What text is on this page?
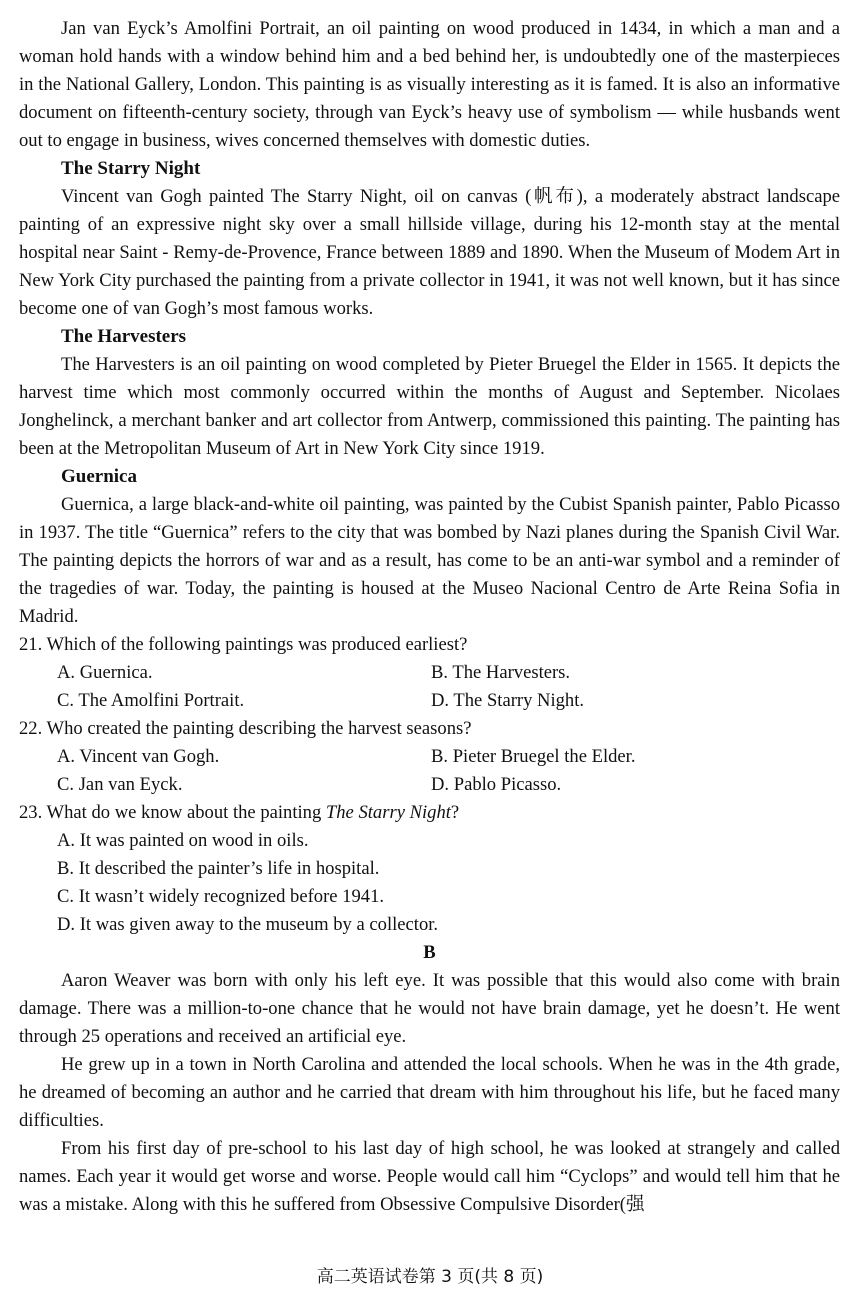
Jan van Eyck’s Amolfini Portrait, an oil painting on wood produced in 1434, in which a man and a woman hold hands with a window behind him and a bed behind her, is undoubtedly one of the masterpieces in the National Gallery, London. This painting is as visually interesting as it is famed. It is also an informative document on fifteenth-century society, through van Eyck’s heavy use of symbolism — while husbands went out to engage in business, wives concerned themselves with domestic duties.

The Starry Night

Vincent van Gogh painted The Starry Night, oil on canvas (帆布), a moderately abstract landscape painting of an expressive night sky over a small hillside village, during his 12-month stay at the mental hospital near Saint - Remy-de-Provence, France between 1889 and 1890. When the Museum of Modem Art in New York City purchased the painting from a private collector in 1941, it was not well known, but it has since become one of van Gogh’s most famous works.

The Harvesters

The Harvesters is an oil painting on wood completed by Pieter Bruegel the Elder in 1565. It depicts the harvest time which most commonly occurred within the months of August and September. Nicolaes Jonghelinck, a merchant banker and art collector from Antwerp, commissioned this painting. The painting has been at the Metropolitan Museum of Art in New York City since 1919.

Guernica

Guernica, a large black-and-white oil painting, was painted by the Cubist Spanish painter, Pablo Picasso in 1937. The title “Guernica” refers to the city that was bombed by Nazi planes during the Spanish Civil War. The painting depicts the horrors of war and as a result, has come to be an anti-war symbol and a reminder of the tragedies of war. Today, the painting is housed at the Museo Nacional Centro de Arte Reina Sofia in Madrid.

21. Which of the following paintings was produced earliest?

A. Guernica.	B. The Harvesters.
C. The Amolfini Portrait.	D. The Starry Night.

22. Who created the painting describing the harvest seasons?

A. Vincent van Gogh.	B. Pieter Bruegel the Elder.
C. Jan van Eyck.	D. Pablo Picasso.

23. What do we know about the painting The Starry Night?

A. It was painted on wood in oils.

B. It described the painter’s life in hospital.

C. It wasn’t widely recognized before 1941.

D. It was given away to the museum by a collector.

B

Aaron Weaver was born with only his left eye. It was possible that this would also come with brain damage. There was a million-to-one chance that he would not have brain damage, yet he doesn’t. He went through 25 operations and received an artificial eye.

He grew up in a town in North Carolina and attended the local schools. When he was in the 4th grade, he dreamed of becoming an author and he carried that dream with him throughout his life, but he faced many difficulties.

From his first day of pre-school to his last day of high school, he was looked at strangely and called names. Each year it would get worse and worse. People would call him “Cyclops” and would tell him that he was a mistake. Along with this he suffered from Obsessive Compulsive Disorder(强

高二英语试卷第 3 页(共 8 页)
